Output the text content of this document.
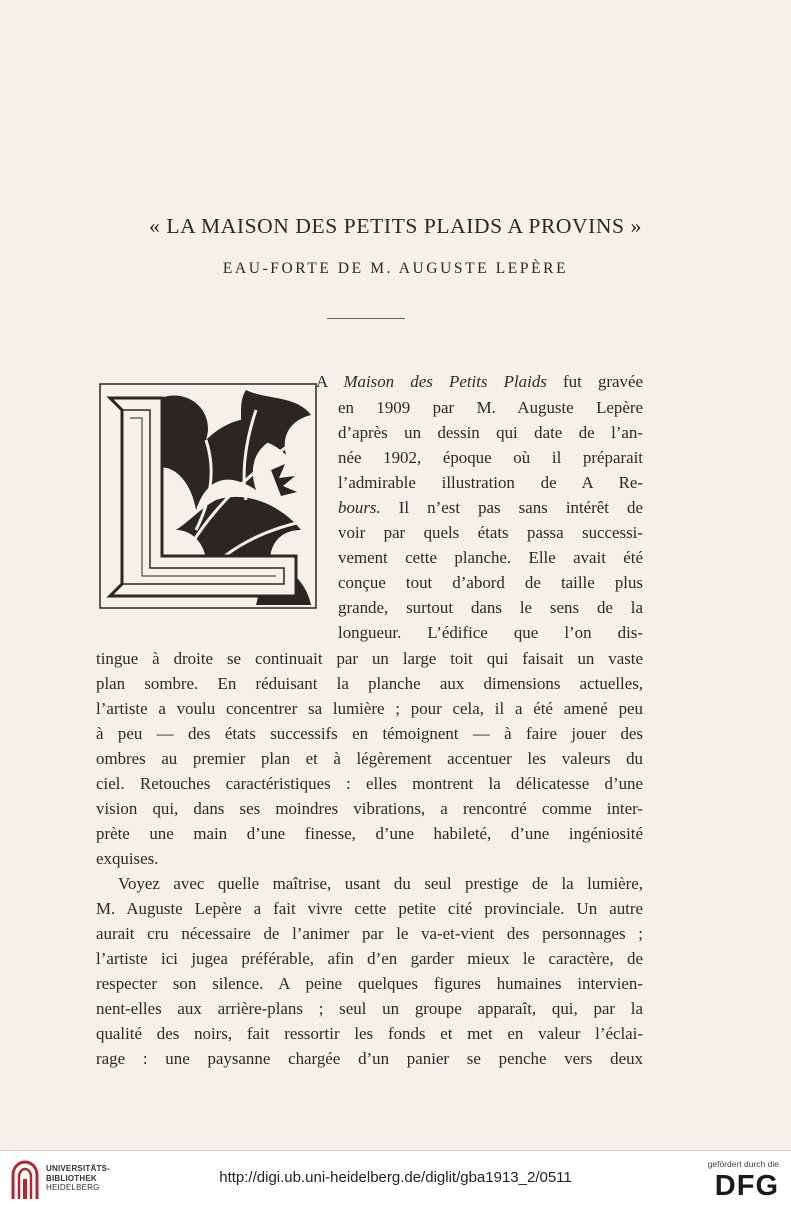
« LA MAISON DES PETITS PLAIDS A PROVINS »
EAU-FORTE DE M. AUGUSTE LEPÈRE
A Maison des Petits Plaids fut gravée
en 1909 par M. Auguste Lepère
d’après un dessin qui date de l’an-
née 1902, époque où il préparait
l’admirable illustration de A Re-
bours. Il n’est pas sans intérêt de
voir par quels états passa successi-
vement cette planche. Elle avait été
conçue tout d’abord de taille plus
grande, surtout dans le sens de la
longueur. L’édifice que l’on dis-
tingue à droite se continuait par un large toit qui faisait un vaste
plan sombre. En réduisant la planche aux dimensions actuelles,
l’artiste a voulu concentrer sa lumière ; pour cela, il a été amené peu
à peu — des états successifs en témoignent — à faire jouer des
ombres au premier plan et à légèrement accentuer les valeurs du
ciel. Retouches caractéristiques : elles montrent la délicatesse d’une
vision qui, dans ses moindres vibrations, a rencontré comme inter-
prète une main d’une finesse, d’une habileté, d’une ingéniosité
exquises.
Voyez avec quelle maîtrise, usant du seul prestige de la lumière,
M. Auguste Lepère a fait vivre cette petite cité provinciale. Un autre
aurait cru nécessaire de l’animer par le va-et-vient des personnages ;
l’artiste ici jugea préférable, afin d’en garder mieux le caractère, de
respecter son silence. A peine quelques figures humaines intervien-
nent-elles aux arrière-plans ; seul un groupe apparaît, qui, par la
qualité des noirs, fait ressortir les fonds et met en valeur l’éclai-
rage : une paysanne chargée d’un panier se penche vers deux
UNIVERSITÄTS-
BIBLIOTHEK
HEIDELBERG
http://digi.ub.uni-heidelberg.de/diglit/gba1913_2/0511
gefördert durch die
DFG
